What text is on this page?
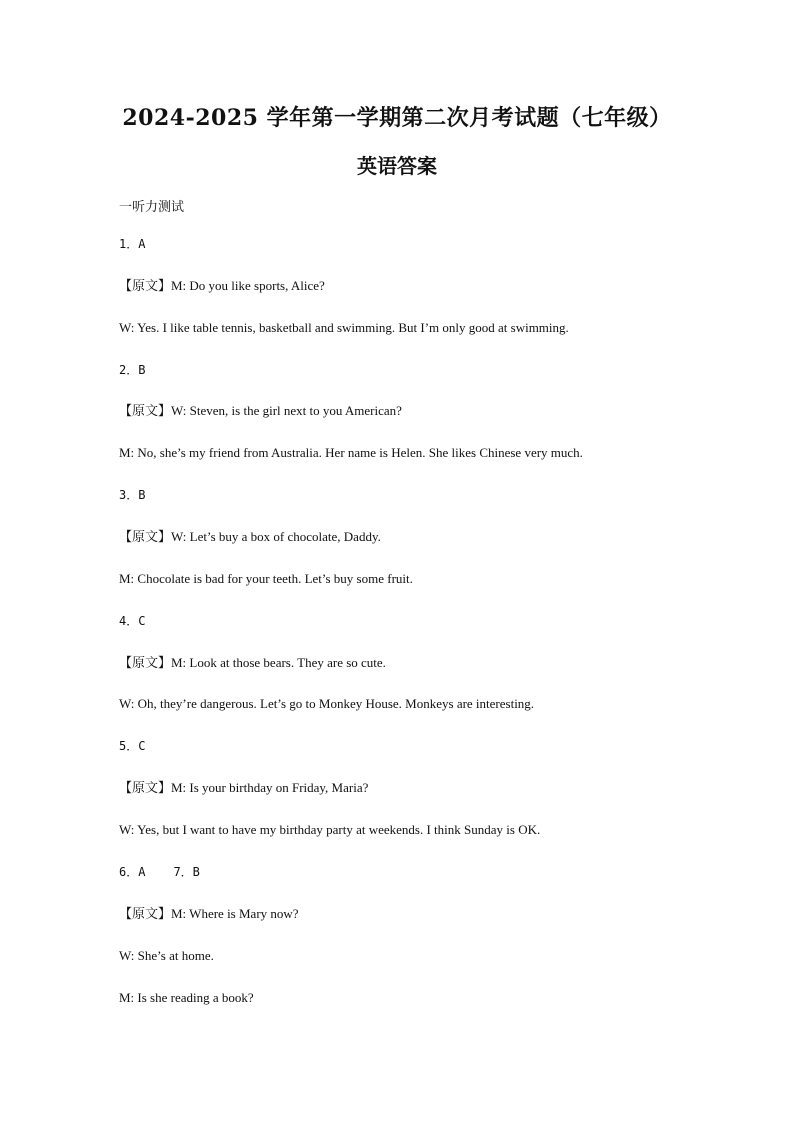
2024-2025 学年第一学期第二次月考试题（七年级）
英语答案
一听力测试
1．A
【原文】M: Do you like sports, Alice?
W: Yes. I like table tennis, basketball and swimming. But I’m only good at swimming.
2．B
【原文】W: Steven, is the girl next to you American?
M: No, she’s my friend from Australia. Her name is Helen. She likes Chinese very much.
3．B
【原文】W: Let’s buy a box of chocolate, Daddy.
M: Chocolate is bad for your teeth. Let’s buy some fruit.
4．C
【原文】M: Look at those bears. They are so cute.
W: Oh, they’re dangerous. Let’s go to Monkey House. Monkeys are interesting.
5．C
【原文】M: Is your birthday on Friday, Maria?
W: Yes, but I want to have my birthday party at weekends. I think Sunday is OK.
6．A 7．B
【原文】M: Where is Mary now?
W: She’s at home.
M: Is she reading a book?
